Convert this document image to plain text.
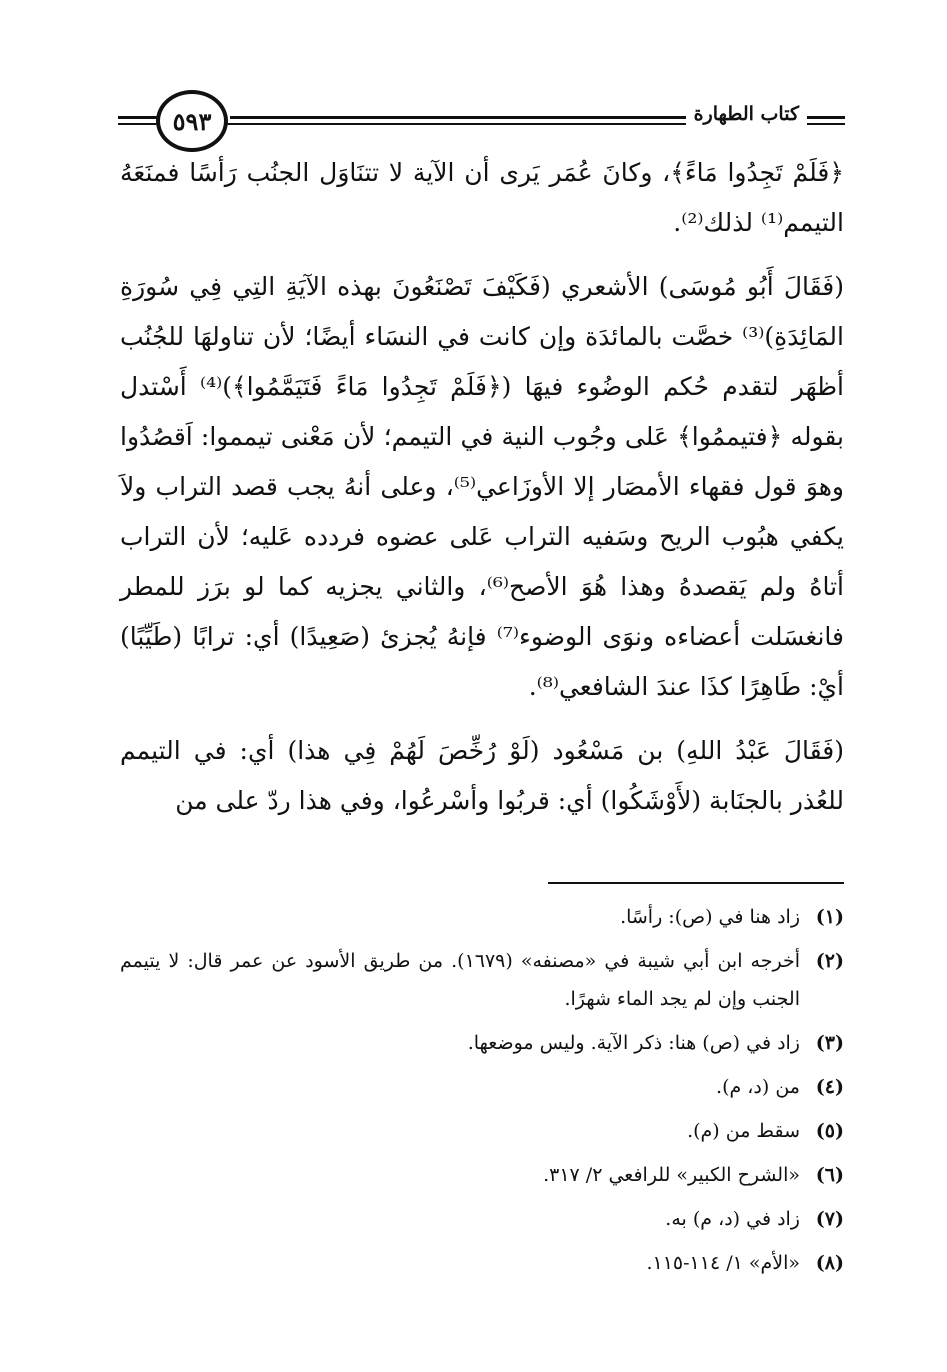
٥٩٣	كتاب الطهارة

﴿فَلَمْ تَجِدُوا مَاءً﴾، وكانَ عُمَر يَرى أن الآية لا تتنَاوَل الجنُب رَأسًا فمنَعَهُ التيمم⁽¹⁾ لذلك⁽²⁾.

(فَقَالَ أَبُو مُوسَى) الأشعري (فَكَيْفَ تَصْنَعُونَ بهذه الآيَةِ التِي فِي سُورَةِ المَائِدَةِ)⁽³⁾ خصَّت بالمائدَة وإن كانت في النسَاء أيضًا؛ لأن تناولهَا للجُنُب أظهَر لتقدم حُكم الوضُوء فيهَا (﴿فَلَمْ تَجِدُوا مَاءً فَتَيَمَّمُوا﴾)⁽⁴⁾ أَسْتدل بقوله ﴿فتيممُوا﴾ عَلى وجُوب النية في التيمم؛ لأن مَعْنى تيمموا: اَقصُدُوا وهوَ قول فقهاء الأمصَار إلا الأوزَاعي⁽⁵⁾، وعلى أنهُ يجب قصد التراب ولاَ يكفي هبُوب الريح وسَفيه التراب عَلى عضوه فردده عَليه؛ لأن التراب أتاهُ ولم يَقصدهُ وهذا هُوَ الأصح⁽⁶⁾، والثاني يجزيه كما لو برَز للمطر فانغسَلت أعضاءه ونوَى الوضوء⁽⁷⁾ فإنهُ يُجزئ (صَعِيدًا) أي: ترابًا (طَيِّبًا) أيْ: طَاهِرًا كذَا عندَ الشافعي⁽⁸⁾.

(فَقَالَ عَبْدُ اللهِ) بن مَسْعُود (لَوْ رُخِّصَ لَهُمْ فِي هذا) أي: في التيمم للعُذر بالجنَابة (لأَوْشَكُوا) أي: قربُوا وأسْرعُوا، وفي هذا ردّ على من

(١)
زاد هنا في (ص): رأسًا.
(٢)
أخرجه ابن أبي شيبة في «مصنفه» (١٦٧٩). من طريق الأسود عن عمر قال: لا يتيمم الجنب وإن لم يجد الماء شهرًا.
(٣)
زاد في (ص) هنا: ذكر الآية. وليس موضعها.
(٤)
من (د، م).
(٥)
سقط من (م).
(٦)
«الشرح الكبير» للرافعي ٢/ ٣١٧.
(٧)
زاد في (د، م) به.
(٨)
«الأم» ١/ ١١٤-١١٥.
